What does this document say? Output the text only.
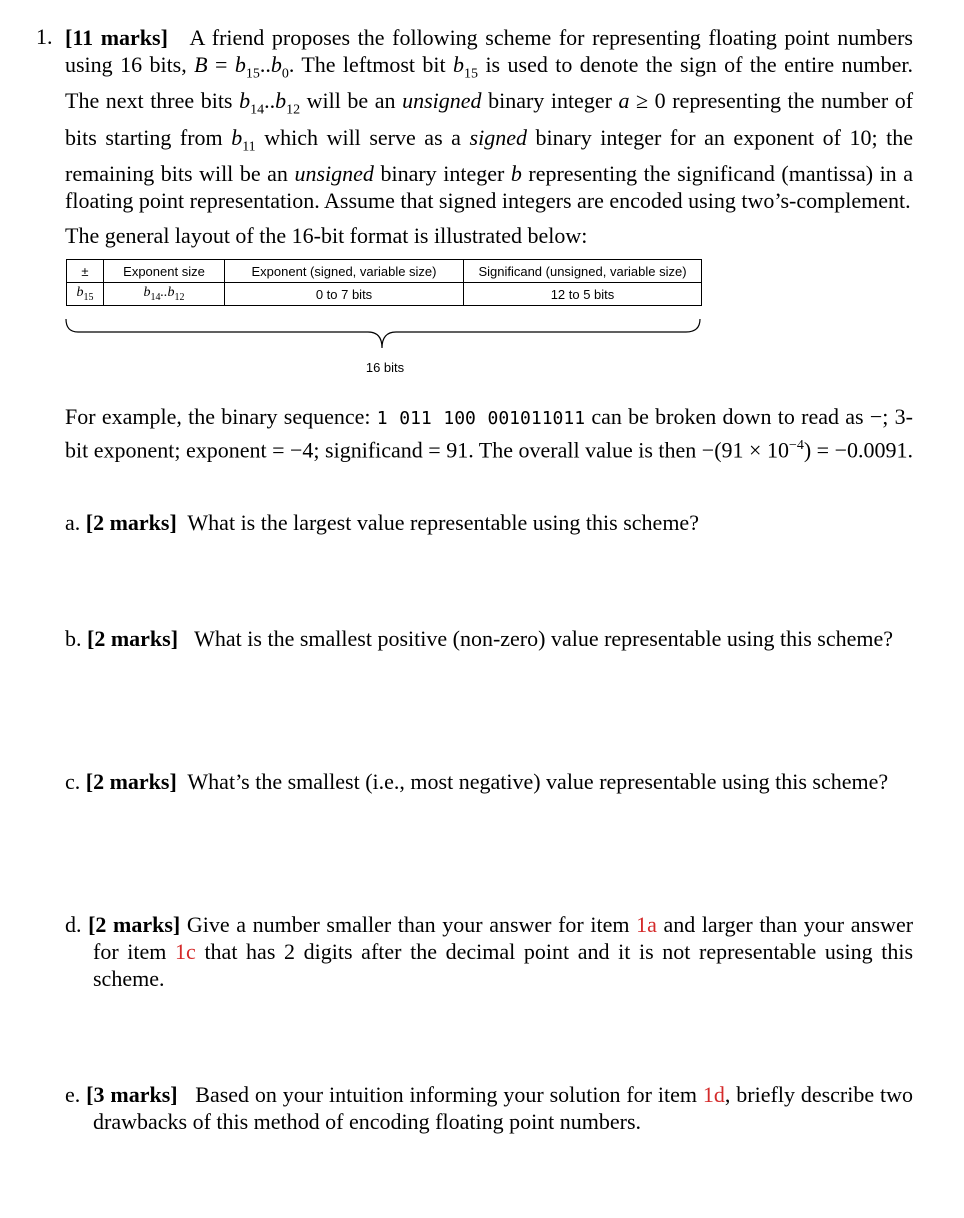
1. [11 marks] A friend proposes the following scheme for representing floating point numbers using 16 bits, $B = b_{15}..b_0$. The leftmost bit $b_{15}$ is used to denote the sign of the entire number. The next three bits $b_{14}..b_{12}$ will be an unsigned binary integer a ≥ 0 representing the number of bits starting from $b_{11}$ which will serve as a signed binary integer for an exponent of 10; the remaining bits will be an unsigned binary integer b representing the significand (mantissa) in a floating point representation. Assume that signed integers are encoded using two’s-complement.
The general layout of the 16-bit format is illustrated below:
±	Exponent size	Exponent (signed, variable size)	Significand (unsigned, variable size)
$b_{15}$	$b_{14}..b_{12}$	0 to 7 bits	12 to 5 bits
16 bits
For example, the binary sequence: 1 011 100 001011011 can be broken down to read as −; 3-bit exponent; exponent = −4; significand = 91. The overall value is then $-(91 \times 10^{-4}) = -0.0091$.
a. [2 marks] What is the largest value representable using this scheme?
b. [2 marks] What is the smallest positive (non-zero) value representable using this scheme?
c. [2 marks] What’s the smallest (i.e., most negative) value representable using this scheme?
d. [2 marks] Give a number smaller than your answer for item 1a and larger than your answer for item 1c that has 2 digits after the decimal point and it is not representable using this scheme.
e. [3 marks] Based on your intuition informing your solution for item 1d, briefly describe two drawbacks of this method of encoding floating point numbers.
